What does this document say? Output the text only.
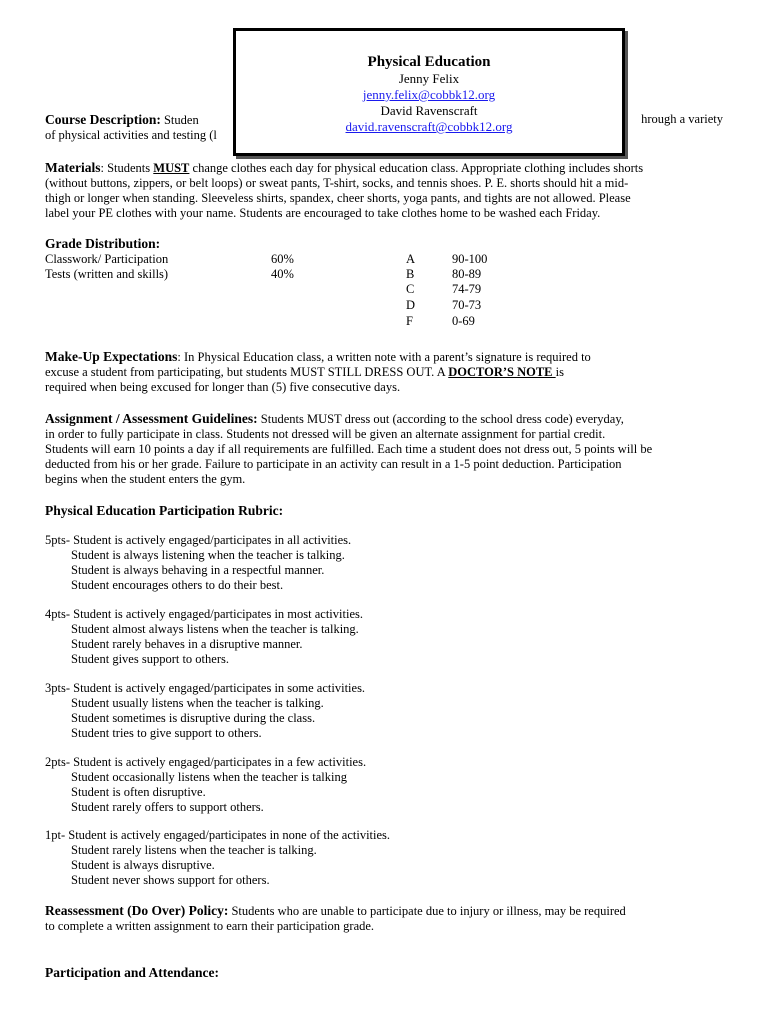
Physical Education
Jenny Felix
jenny.felix@cobbk12.org
David Ravenscraft
david.ravenscraft@cobbk12.org

Course Description: Studen

of physical activities and testing (l

hrough a variety

Materials: Students MUST change clothes each day for physical education class. Appropriate clothing includes shorts

(without buttons, zippers, or belt loops) or sweat pants, T-shirt, socks, and tennis shoes. P. E. shorts should hit a mid-

thigh or longer when standing. Sleeveless shirts, spandex, cheer shorts, yoga pants, and tights are not allowed. Please

label your PE clothes with your name. Students are encouraged to take clothes home to be washed each Friday.

Grade Distribution:
Classwork/ Participation	60%	A	90-100
Tests (written and skills)	40%	B	80-89
C	74-79
D	70-73
F	0-69

Make-Up Expectations: In Physical Education class, a written note with a parent’s signature is required to

excuse a student from participating, but students MUST STILL DRESS OUT. A DOCTOR’S NOTE is

required when being excused for longer than (5) five consecutive days.

Assignment / Assessment Guidelines: Students MUST dress out (according to the school dress code) everyday,

in order to fully participate in class. Students not dressed will be given an alternate assignment for partial credit.

Students will earn 10 points a day if all requirements are fulfilled. Each time a student does not dress out, 5 points will be

deducted from his or her grade. Failure to participate in an activity can result in a 1-5 point deduction. Participation

begins when the student enters the gym.

Physical Education Participation Rubric:

5pts- Student is actively engaged/participates in all activities.

Student is always listening when the teacher is talking.

Student is always behaving in a respectful manner.

Student encourages others to do their best.

4pts- Student is actively engaged/participates in most activities.

Student almost always listens when the teacher is talking.

Student rarely behaves in a disruptive manner.

Student gives support to others.

3pts- Student is actively engaged/participates in some activities.

Student usually listens when the teacher is talking.

Student sometimes is disruptive during the class.

Student tries to give support to others.

2pts- Student is actively engaged/participates in a few activities.

Student occasionally listens when the teacher is talking

Student is often disruptive.

Student rarely offers to support others.

1pt- Student is actively engaged/participates in none of the activities.

Student rarely listens when the teacher is talking.

Student is always disruptive.

Student never shows support for others.

Reassessment (Do Over) Policy: Students who are unable to participate due to injury or illness, may be required

to complete a written assignment to earn their participation grade.

Participation and Attendance:
